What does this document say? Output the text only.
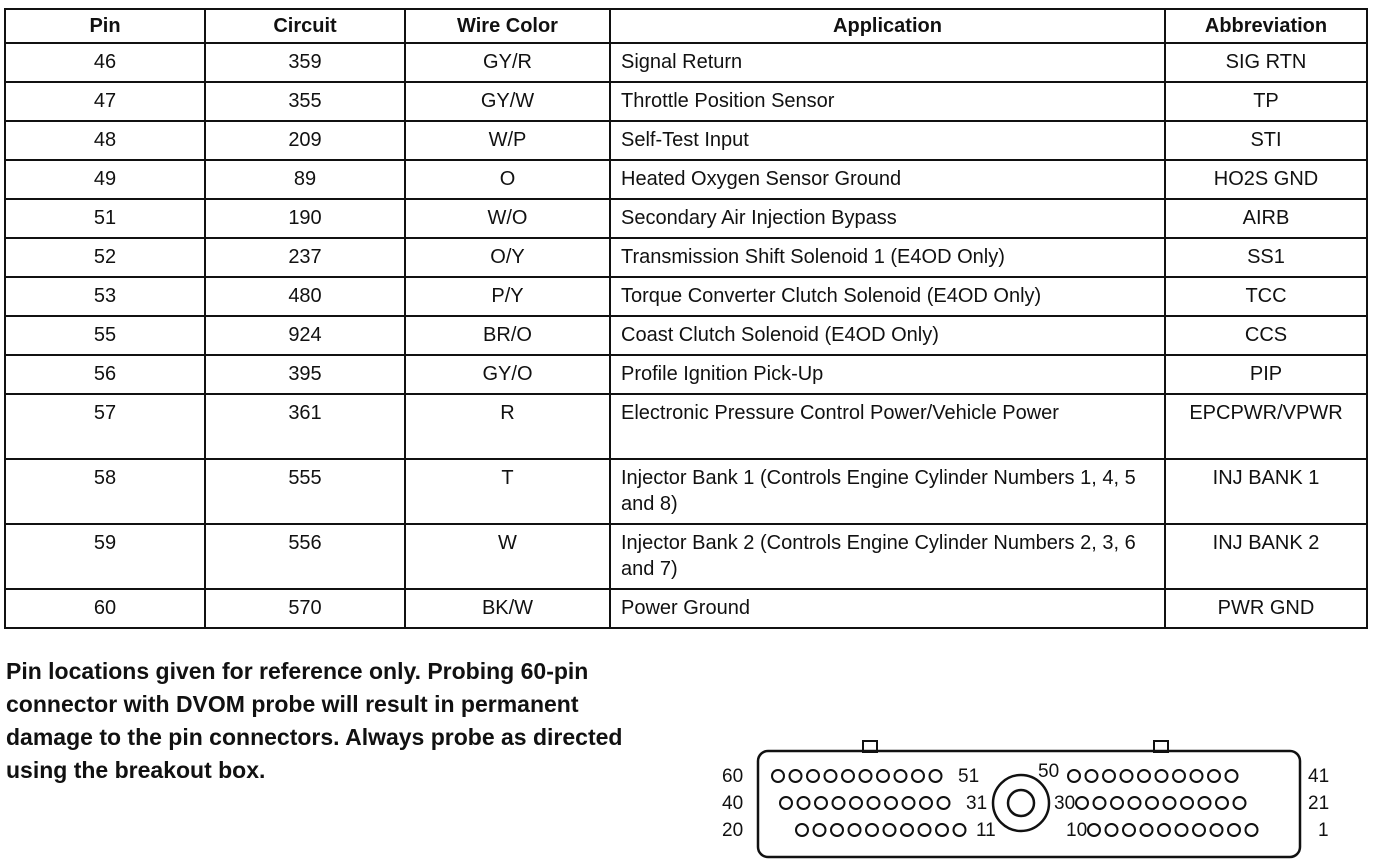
Pin	Circuit	Wire Color	Application	Abbreviation
46	359	GY/R	Signal Return	SIG RTN
47	355	GY/W	Throttle Position Sensor	TP
48	209	W/P	Self-Test Input	STI
49	89	O	Heated Oxygen Sensor Ground	HO2S GND
51	190	W/O	Secondary Air Injection Bypass	AIRB
52	237	O/Y	Transmission Shift Solenoid 1 (E4OD Only)	SS1
53	480	P/Y	Torque Converter Clutch Solenoid (E4OD Only)	TCC
55	924	BR/O	Coast Clutch Solenoid (E4OD Only)	CCS
56	395	GY/O	Profile Ignition Pick-Up	PIP
57	361	R	Electronic Pressure Control Power/Vehicle Power	EPCPWR/VPWR
58	555	T	Injector Bank 1 (Controls Engine Cylinder Numbers 1, 4, 5 and 8)	INJ BANK 1
59	556	W	Injector Bank 2 (Controls Engine Cylinder Numbers 2, 3, 6 and 7)	INJ BANK 2
60	570	BK/W	Power Ground	PWR GND
Pin locations given for reference only. Probing 60-pin connector with DVOM probe will result in permanent damage to the pin connectors. Always probe as directed using the breakout box.	60
40
20
41
21
1
51	50
31	30
11	10
